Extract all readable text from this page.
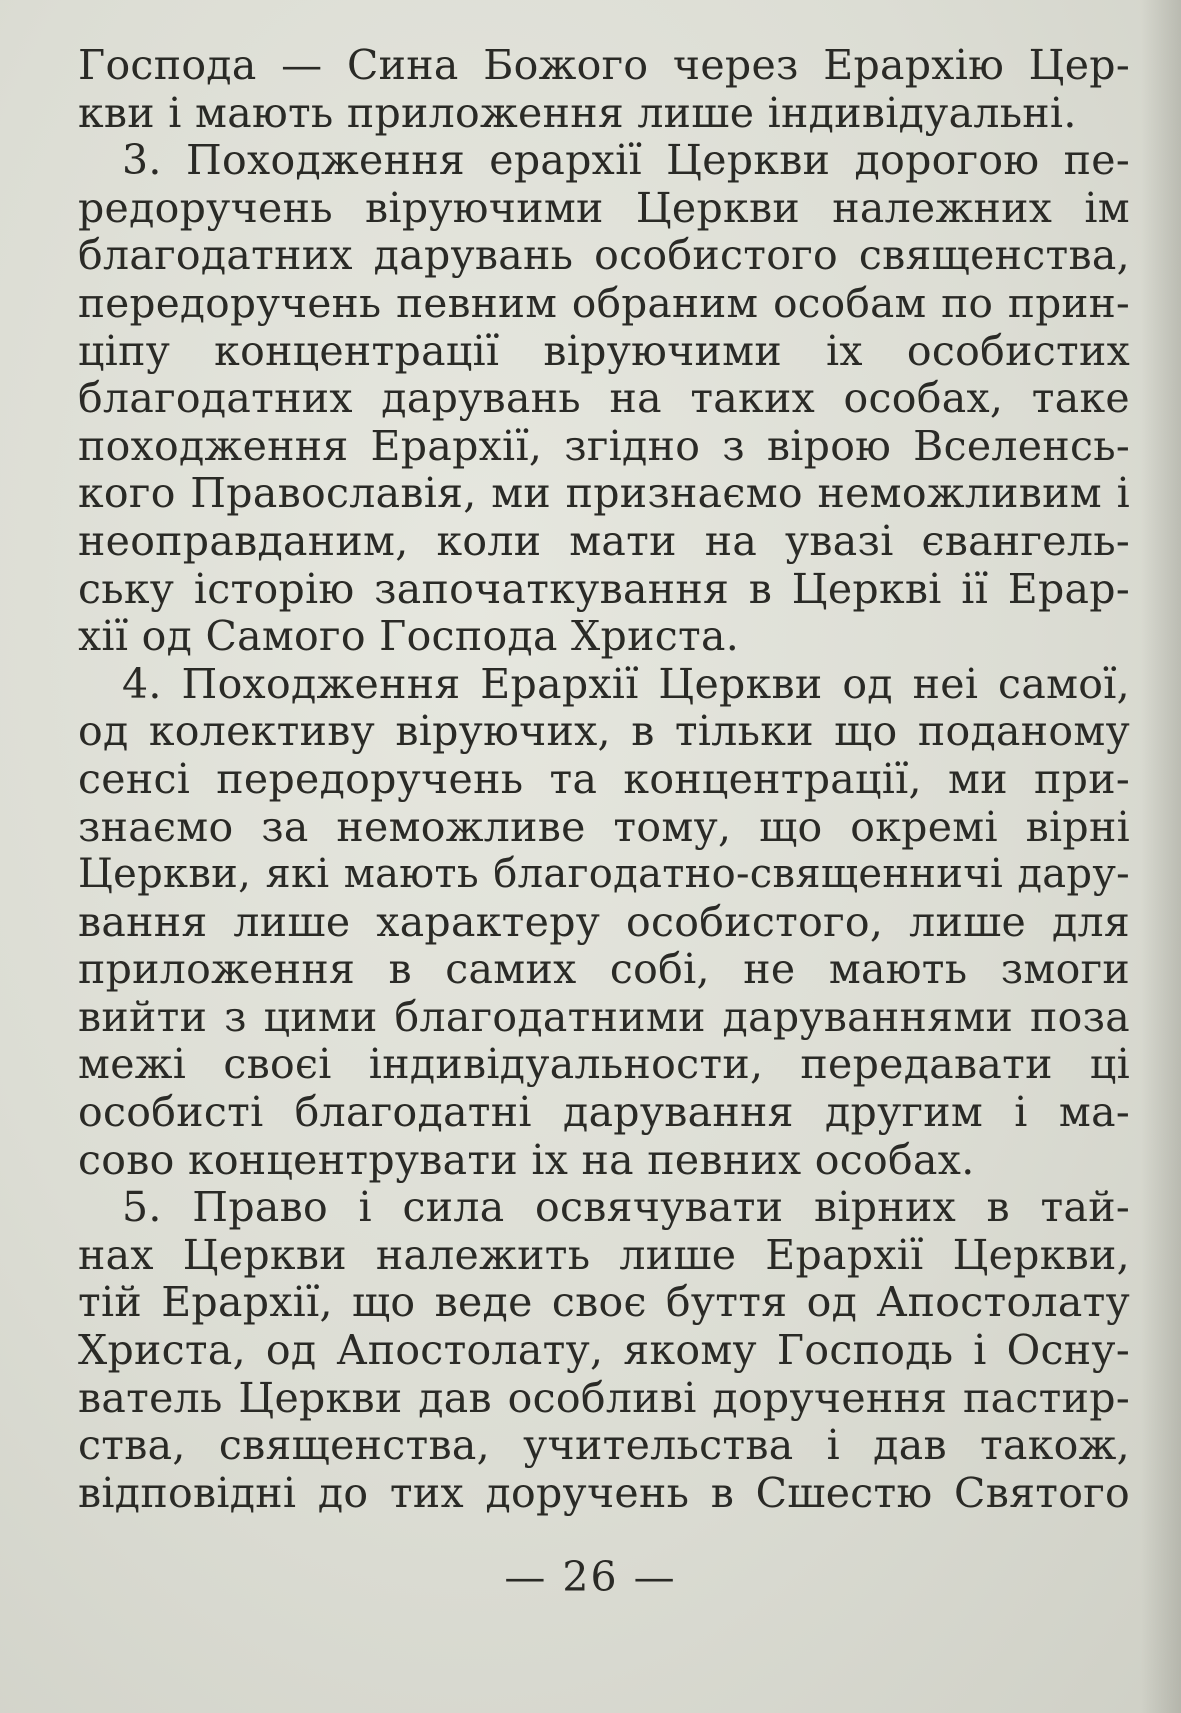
Господа — Сина Божого через Ерархію Цер-
кви і мають приложення лише індивідуальні.
3. Походження ерархії Церкви дорогою пе-
редоручень віруючими Церкви належних ім
благодатних дарувань особистого священства,
передоручень певним обраним особам по прин-
ціпу концентрації віруючими іх особистих
благодатних дарувань на таких особах, таке
походження Ерархії, згідно з вірою Вселенсь-
кого Православія, ми признаємо неможливим і
неоправданим, коли мати на увазі євангель-
ську історію започаткування в Церкві ії Ерар-
хії од Самого Господа Христа.
4. Походження Ерархії Церкви од неі самої,
од колективу віруючих, в тільки що поданому
сенсі передоручень та концентрації, ми при-
знаємо за неможливе тому, що окремі вірні
Церкви, які мають благодатно-священничі дару-
вання лише характеру особистого, лише для
приложення в самих собі, не мають змоги
вийти з цими благодатними даруваннями поза
межі своєі індивідуальности, передавати ці
особисті благодатні дарування другим і ма-
сово концентрувати іх на певних особах.
5. Право і сила освячувати вірних в тай-
нах Церкви належить лише Ерархії Церкви,
тій Ерархії, що веде своє буття од Апостолату
Христа, од Апостолату, якому Господь і Осну-
ватель Церкви дав особливі доручення пастир-
ства, священства, учительства і дав також,
відповідні до тих доручень в Сшестю Святого
— 26 —
